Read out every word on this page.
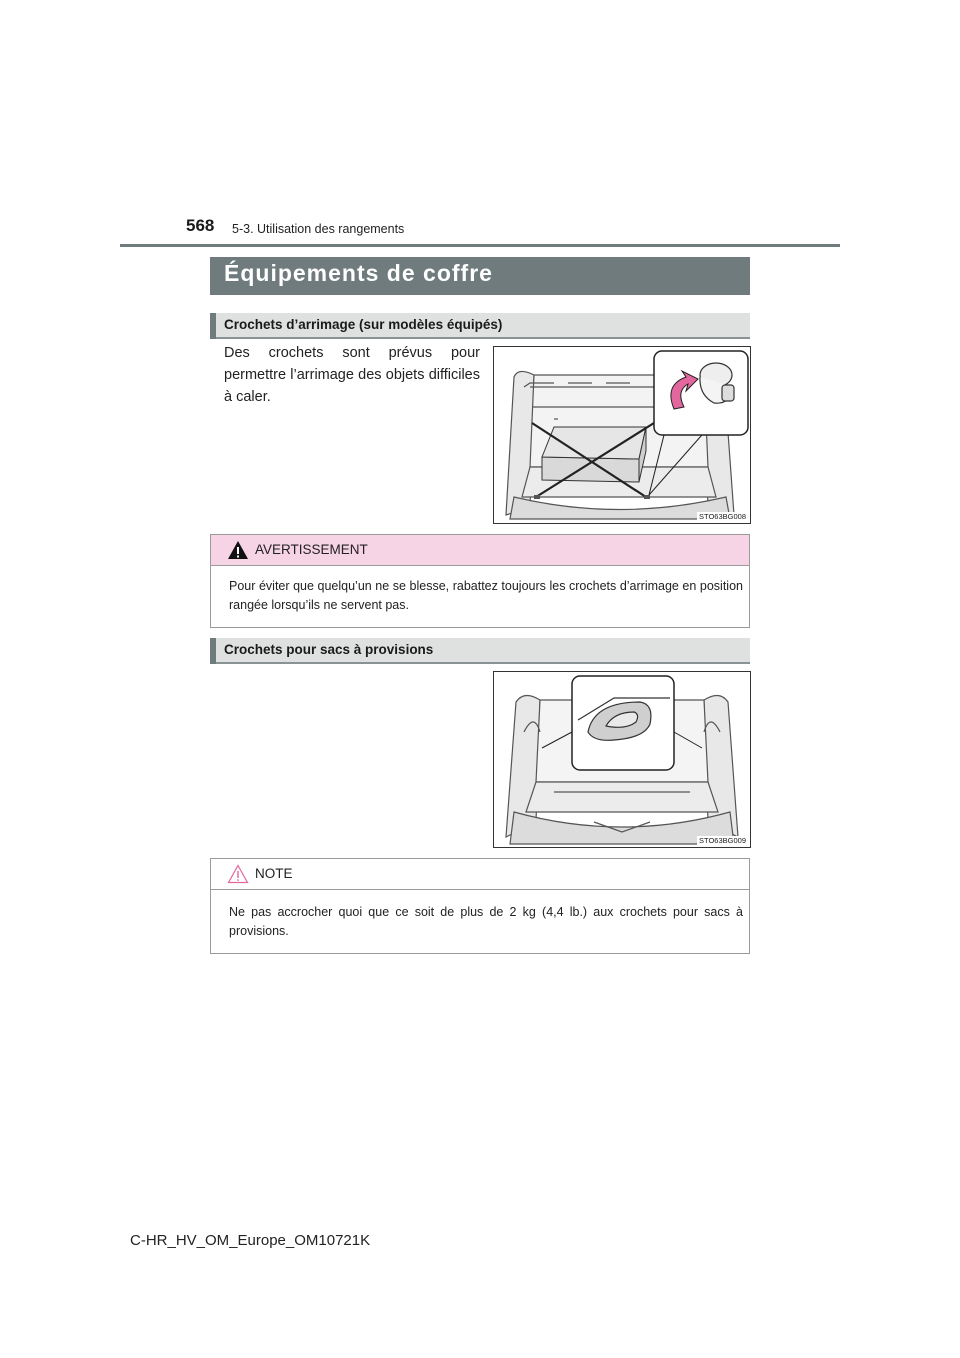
568 5-3. Utilisation des rangements
Équipements de coffre
Crochets d’arrimage (sur modèles équipés)
Des crochets sont prévus pour permettre l’arrimage des objets difficiles à caler.
STO63BG008
AVERTISSEMENT
Pour éviter que quelqu’un ne se blesse, rabattez toujours les crochets d’arrimage en position rangée lorsqu’ils ne servent pas.
Crochets pour sacs à provisions
STO63BG009
NOTE
Ne pas accrocher quoi que ce soit de plus de 2 kg (4,4 lb.) aux crochets pour sacs à provisions.
C-HR_HV_OM_Europe_OM10721K
